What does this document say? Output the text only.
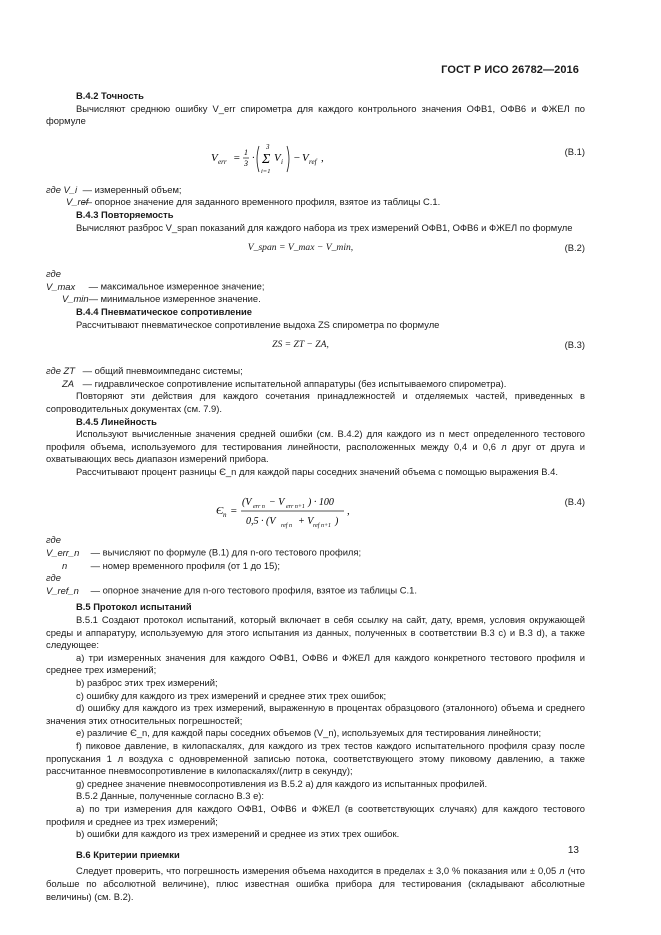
ГОСТ Р ИСО 26782—2016

B.4.2 Точность

Вычисляют среднюю ошибку V_err спирометра для каждого контрольного значения ОФВ1, ОФВ6 и ФЖЕЛ по формуле

V err = 1
3 ·
3
Σ
i=1
V i − V ref ,
(B.1)

где V_i — измеренный объем;

V_ref — опорное значение для заданного временного профиля, взятое из таблицы C.1.

B.4.3 Повторяемость

Вычисляют разброс V_span показаний для каждого набора из трех измерений ОФВ1, ОФВ6 и ФЖЕЛ по формуле

V_span = V_max − V_min,	(B.2)

где V_max — максимальное измеренное значение;

V_min — минимальное измеренное значение.

B.4.4 Пневматическое сопротивление

Рассчитывают пневматическое сопротивление выдоха ZS спирометра по формуле

ZS = ZT − ZA,	(B.3)

где ZT — общий пневмоимпеданс системы;

ZA — гидравлическое сопротивление испытательной аппаратуры (без испытываемого спирометра).

Повторяют эти действия для каждого сочетания принадлежностей и отделяемых частей, приведенных в сопроводительных документах (см. 7.9).

B.4.5 Линейность

Используют вычисленные значения средней ошибки (см. B.4.2) для каждого из n мест определенного тестового профиля объема, используемого для тестирования линейности, расположенных между 0,4 и 0,6 л друг от друга и охватывающих весь диапазон измерений прибора.

Рассчитывают процент разницы Є_n для каждой пары соседних значений объема с помощью выражения B.4.

Є n =
(V err n − V err n+1 ) · 100
0,5 · (V ref n + V ref n+1 )
,
(B.4)

где V_err_n — вычисляют по формуле (B.1) для n-ого тестового профиля;

n — номер временного профиля (от 1 до 15);

где V_ref_n — опорное значение для n-ого тестового профиля, взятое из таблицы C.1.

B.5 Протокол испытаний

B.5.1 Создают протокол испытаний, который включает в себя ссылку на сайт, дату, время, условия окружающей среды и аппаратуру, используемую для этого испытания из данных, полученных в соответствии B.3 c) и B.3 d), а также следующее:

a) три измеренных значения для каждого ОФВ1, ОФВ6 и ФЖЕЛ для каждого конкретного тестового профиля и среднее трех измерений;

b) разброс этих трех измерений;

c) ошибку для каждого из трех измерений и среднее этих трех ошибок;

d) ошибку для каждого из трех измерений, выраженную в процентах образцового (эталонного) объема и среднего значения этих относительных погрешностей;

e) различие Є_n, для каждой пары соседних объемов (V_n), используемых для тестирования линейности;

f) пиковое давление, в килопаскалях, для каждого из трех тестов каждого испытательного профиля сразу после пропускания 1 л воздуха с одновременной записью потока, соответствующего этому пиковому давлению, а также рассчитанное пневмосопротивление в килопаскалях/(литр в секунду);

g) среднее значение пневмосопротивления из B.5.2 a) для каждого из испытанных профилей.

B.5.2 Данные, полученные согласно B.3 e):

a) по три измерения для каждого ОФВ1, ОФВ6 и ФЖЕЛ (в соответствующих случаях) для каждого тестового профиля и среднее из трех измерений;

b) ошибки для каждого из трех измерений и среднее из этих трех ошибок.

B.6 Критерии приемки

Следует проверить, что погрешность измерения объема находится в пределах ± 3,0 % показания или ± 0,05 л (что больше по абсолютной величине), плюс известная ошибка прибора для тестирования (складывают абсолютные величины) (см. B.2).

13
